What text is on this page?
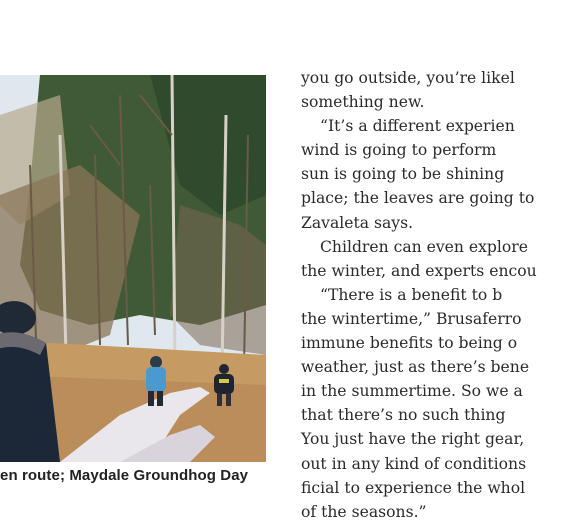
en route; Maydale Groundhog Day
you go outside, you’re likel
something new.
“It’s a different experien
wind is going to perform
sun is going to be shining
place; the leaves are going to
Zavaleta says.
Children can even explore
the winter, and experts encou
“There is a benefit to b
the wintertime,” Brusaferro
immune benefits to being o
weather, just as there’s bene
in the summertime. So we a
that there’s no such thing
You just have the right gear,
out in any kind of conditions
ficial to experience the whol
of the seasons.”
